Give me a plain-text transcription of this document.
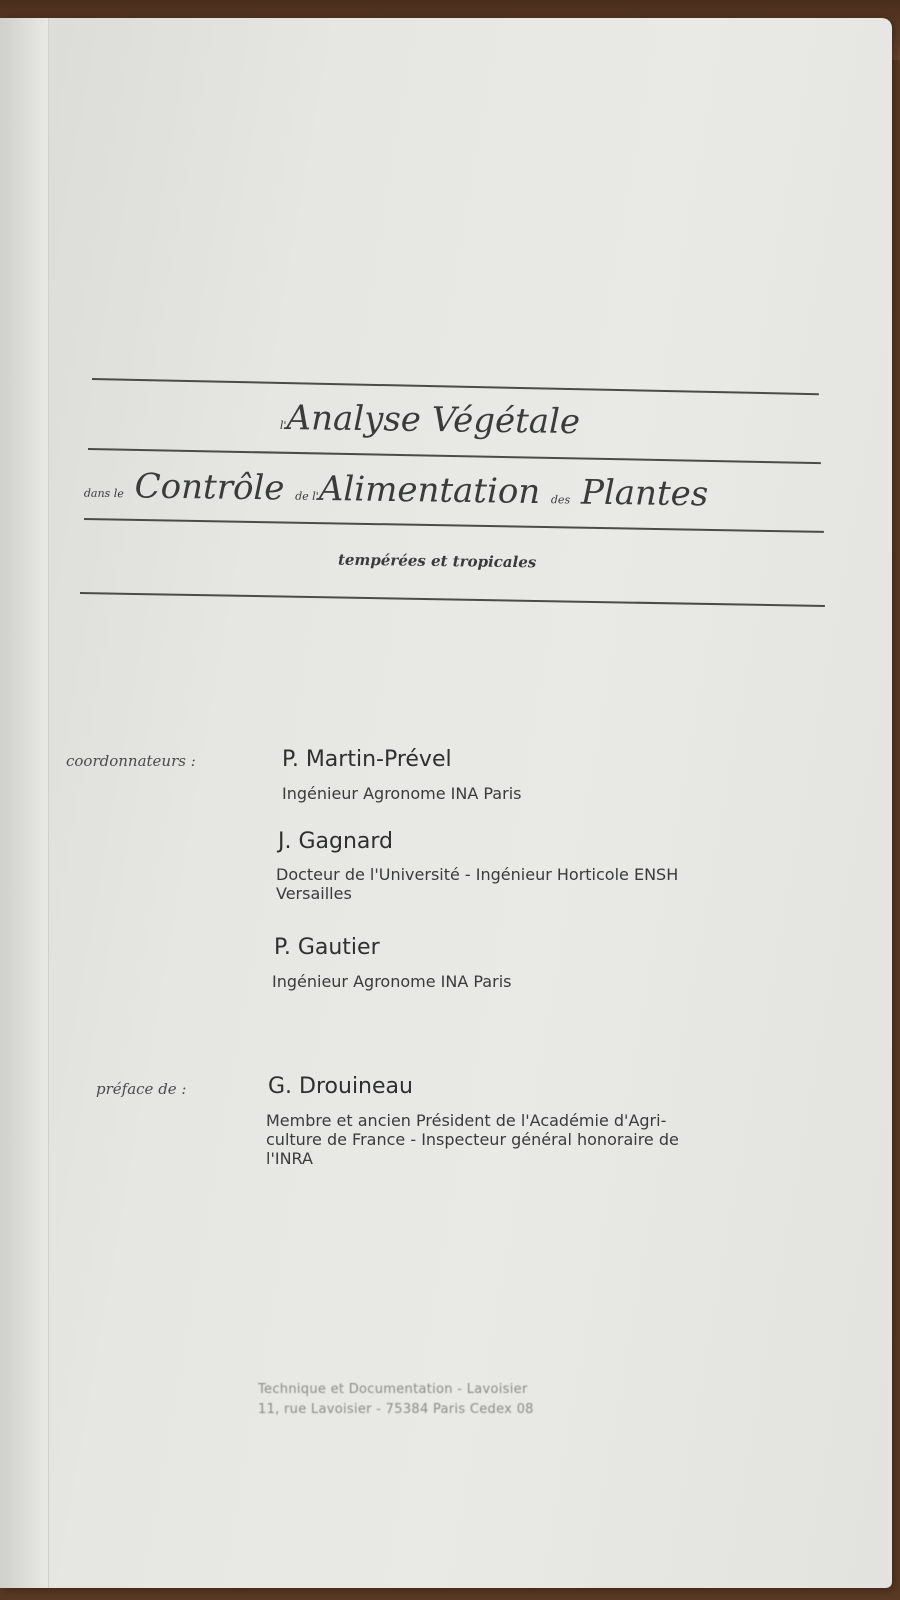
l'Analyse Végétale
dans le Contrôle de l'Alimentation des Plantes
tempérées et tropicales
coordonnateurs :	P. Martin-Prével
Ingénieur Agronome INA Paris
J. Gagnard
Docteur de l'Université - Ingénieur Horticole ENSH
Versailles
P. Gautier
Ingénieur Agronome INA Paris
préface de :	G. Drouineau
Membre et ancien Président de l'Académie d'Agri-
culture de France - Inspecteur général honoraire de
l'INRA
Technique et Documentation - Lavoisier
11, rue Lavoisier - 75384 Paris Cedex 08
